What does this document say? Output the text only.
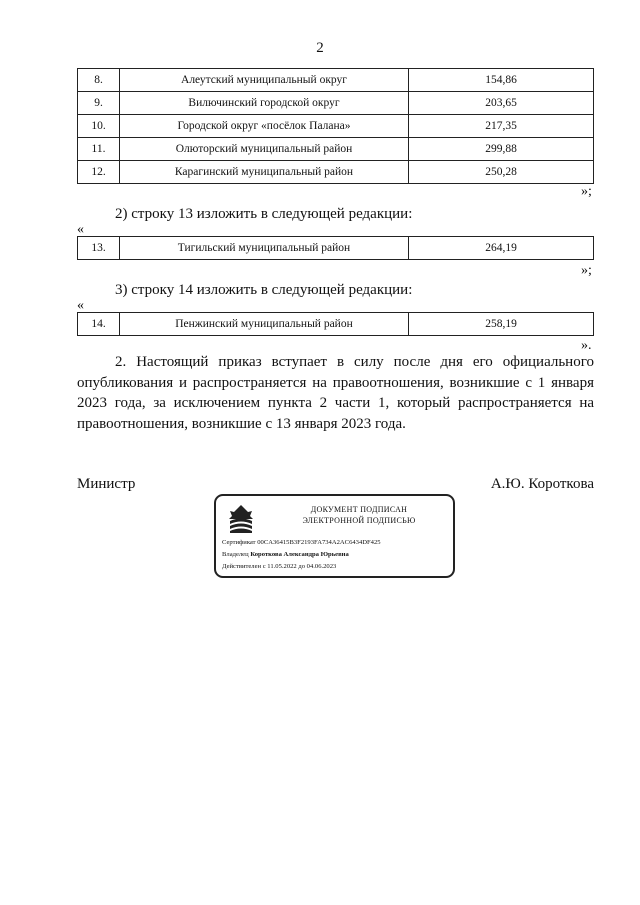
2
8.	Алеутский муниципальный округ	154,86
9.	Вилючинский городской округ	203,65
10.	Городской округ «посёлок Палана»	217,35
11.	Олюторский муниципальный район	299,88
12.	Карагинский муниципальный район	250,28
»;
2) строку 13 изложить в следующей редакции:
«
13.	Тигильский муниципальный район	264,19
»;
3) строку 14 изложить в следующей редакции:
«
14.	Пенжинский муниципальный район	258,19
».
2. Настоящий приказ вступает в силу после дня его официального опубликования и распространяется на правоотношения, возникшие с 1 января 2023 года, за исключением пункта 2 части 1, который распространяется на правоотношения, возникшие с 13 января 2023 года.
Министр	А.Ю. Короткова
ДОКУМЕНТ ПОДПИСАН
ЭЛЕКТРОННОЙ ПОДПИСЬЮ
Сертификат 00CA36415B3F2193FA734A2AC6434DF425
Владелец Короткова Александра Юрьевна
Действителен с 11.05.2022 до 04.06.2023
